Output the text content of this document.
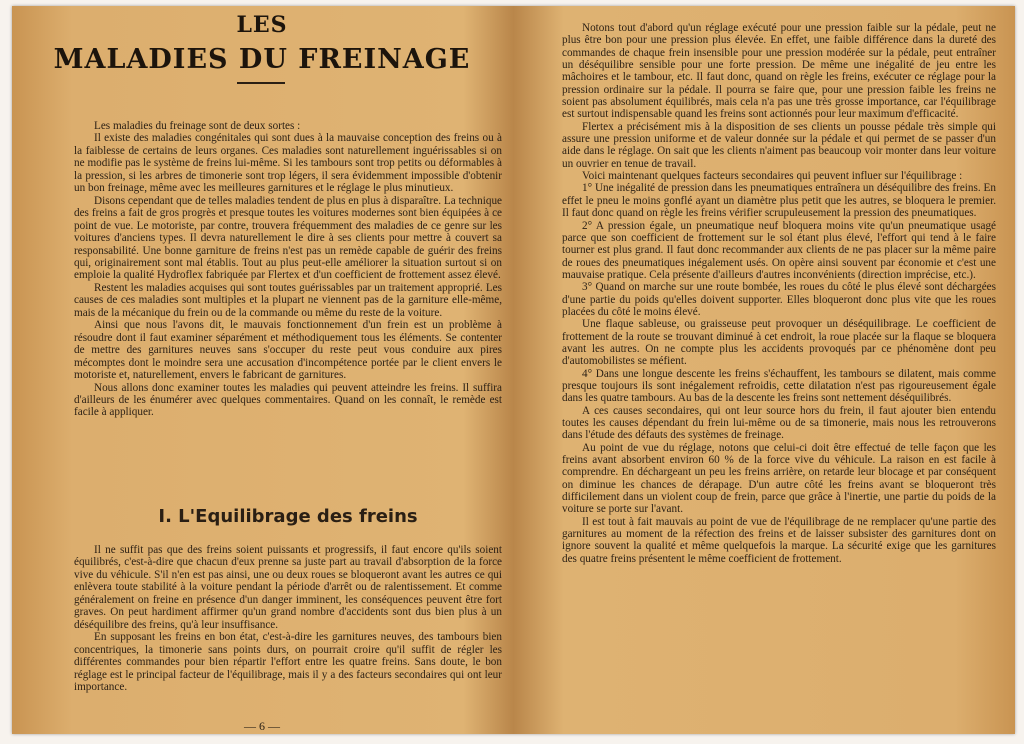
LES
MALADIES DU FREINAGE

Les maladies du freinage sont de deux sortes :

Il existe des maladies congénitales qui sont dues à la mauvaise conception des freins ou à la faiblesse de certains de leurs organes. Ces maladies sont naturellement inguérissables si on ne modifie pas le système de freins lui-même. Si les tambours sont trop petits ou déformables à la pression, si les arbres de timonerie sont trop légers, il sera évidemment impossible d'obtenir un bon freinage, même avec les meilleures garnitures et le réglage le plus minutieux.

Disons cependant que de telles maladies tendent de plus en plus à disparaître. La technique des freins a fait de gros progrès et presque toutes les voitures modernes sont bien équipées à ce point de vue. Le motoriste, par contre, trouvera fréquemment des maladies de ce genre sur les voitures d'anciens types. Il devra naturellement le dire à ses clients pour mettre à couvert sa responsabilité. Une bonne garniture de freins n'est pas un remède capable de guérir des freins qui, originairement sont mal établis. Tout au plus peut-elle améliorer la situation surtout si on emploie la qualité Hydroflex fabriquée par Flertex et d'un coefficient de frottement assez élevé.

Restent les maladies acquises qui sont toutes guérissables par un traitement approprié. Les causes de ces maladies sont multiples et la plupart ne viennent pas de la garniture elle-même, mais de la mécanique du frein ou de la commande ou même du reste de la voiture.

Ainsi que nous l'avons dit, le mauvais fonctionnement d'un frein est un problème à résoudre dont il faut examiner séparément et méthodiquement tous les éléments. Se contenter de mettre des garnitures neuves sans s'occuper du reste peut vous conduire aux pires mécomptes dont le moindre sera une accusation d'incompétence portée par le client envers le motoriste et, naturellement, envers le fabricant de garnitures.

Nous allons donc examiner toutes les maladies qui peuvent atteindre les freins. Il suffira d'ailleurs de les énumérer avec quelques commentaires. Quand on les connaît, le remède est facile à appliquer.

I. L'Equilibrage des freins

Il ne suffit pas que des freins soient puissants et progressifs, il faut encore qu'ils soient équilibrés, c'est-à-dire que chacun d'eux prenne sa juste part au travail d'absorption de la force vive du véhicule. S'il n'en est pas ainsi, une ou deux roues se bloqueront avant les autres ce qui enlèvera toute stabilité à la voiture pendant la période d'arrêt ou de ralentissement. Et comme généralement on freine en présence d'un danger imminent, les conséquences peuvent être fort graves. On peut hardiment affirmer qu'un grand nombre d'accidents sont dus bien plus à un déséquilibre des freins, qu'à leur insuffisance.

En supposant les freins en bon état, c'est-à-dire les garnitures neuves, des tambours bien concentriques, la timonerie sans points durs, on pourrait croire qu'il suffit de régler les différentes commandes pour bien répartir l'effort entre les quatre freins. Sans doute, le bon réglage est le principal facteur de l'équilibrage, mais il y a des facteurs secondaires qui ont leur importance.

— 6 —

Notons tout d'abord qu'un réglage exécuté pour une pression faible sur la pédale, peut ne plus être bon pour une pression plus élevée. En effet, une faible différence dans la dureté des commandes de chaque frein insensible pour une pression modérée sur la pédale, peut entraîner un déséquilibre sensible pour une forte pression. De même une inégalité de jeu entre les mâchoires et le tambour, etc. Il faut donc, quand on règle les freins, exécuter ce réglage pour la pression ordinaire sur la pédale. Il pourra se faire que, pour une pression faible les freins ne soient pas absolument équilibrés, mais cela n'a pas une très grosse importance, car l'équilibrage est surtout indispensable quand les freins sont actionnés pour leur maximum d'efficacité.

Flertex a précisément mis à la disposition de ses clients un pousse pédale très simple qui assure une pression uniforme et de valeur donnée sur la pédale et qui permet de se passer d'un aide dans le réglage. On sait que les clients n'aiment pas beaucoup voir monter dans leur voiture un ouvrier en tenue de travail.

Voici maintenant quelques facteurs secondaires qui peuvent influer sur l'équilibrage :

1° Une inégalité de pression dans les pneumatiques entraînera un déséquilibre des freins. En effet le pneu le moins gonflé ayant un diamètre plus petit que les autres, se bloquera le premier. Il faut donc quand on règle les freins vérifier scrupuleusement la pression des pneumatiques.

2° A pression égale, un pneumatique neuf bloquera moins vite qu'un pneumatique usagé parce que son coefficient de frottement sur le sol étant plus élevé, l'effort qui tend à le faire tourner est plus grand. Il faut donc recommander aux clients de ne pas placer sur la même paire de roues des pneumatiques inégalement usés. On opère ainsi souvent par économie et c'est une mauvaise pratique. Cela présente d'ailleurs d'autres inconvénients (direction imprécise, etc.).

3° Quand on marche sur une route bombée, les roues du côté le plus élevé sont déchargées d'une partie du poids qu'elles doivent supporter. Elles bloqueront donc plus vite que les roues placées du côté le moins élevé.

Une flaque sableuse, ou graisseuse peut provoquer un déséquilibrage. Le coefficient de frottement de la route se trouvant diminué à cet endroit, la roue placée sur la flaque se bloquera avant les autres. On ne compte plus les accidents provoqués par ce phénomène dont peu d'automobilistes se méfient.

4° Dans une longue descente les freins s'échauffent, les tambours se dilatent, mais comme presque toujours ils sont inégalement refroidis, cette dilatation n'est pas rigoureusement égale dans les quatre tambours. Au bas de la descente les freins sont nettement déséquilibrés.

A ces causes secondaires, qui ont leur source hors du frein, il faut ajouter bien entendu toutes les causes dépendant du frein lui-même ou de sa timonerie, mais nous les retrouverons dans l'étude des défauts des systèmes de freinage.

Au point de vue du réglage, notons que celui-ci doit être effectué de telle façon que les freins avant absorbent environ 60 % de la force vive du véhicule. La raison en est facile à comprendre. En déchargeant un peu les freins arrière, on retarde leur blocage et par conséquent on diminue les chances de dérapage. D'un autre côté les freins avant se bloqueront très difficilement dans un violent coup de frein, parce que grâce à l'inertie, une partie du poids de la voiture se porte sur l'avant.

Il est tout à fait mauvais au point de vue de l'équilibrage de ne remplacer qu'une partie des garnitures au moment de la réfection des freins et de laisser subsister des garnitures dont on ignore souvent la qualité et même quelquefois la marque. La sécurité exige que les garnitures des quatre freins présentent le même coefficient de frottement.
